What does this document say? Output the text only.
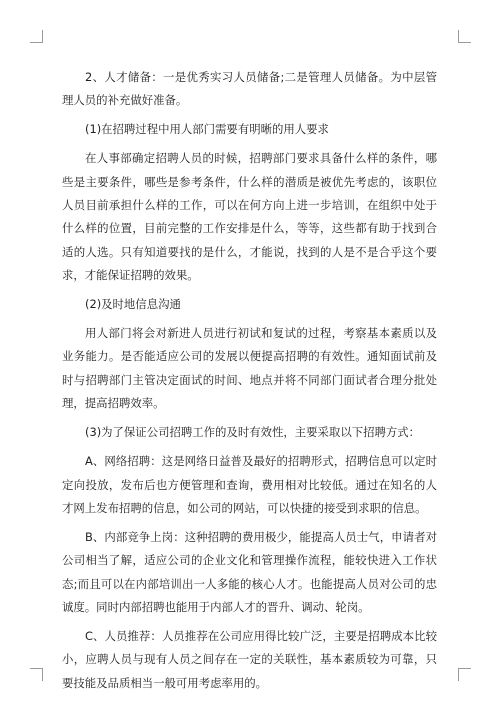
2、人才储备：一是优秀实习人员储备;二是管理人员储备。为中层管理人员的补充做好准备。

(1)在招聘过程中用人部门需要有明晰的用人要求

在人事部确定招聘人员的时候，招聘部门要求具备什么样的条件，哪些是主要条件，哪些是参考条件，什么样的潜质是被优先考虑的，该职位人员目前承担什么样的工作，可以在何方向上进一步培训，在组织中处于什么样的位置，目前完整的工作安排是什么，等等，这些都有助于找到合适的人选。只有知道要找的是什么，才能说，找到的人是不是合乎这个要求，才能保证招聘的效果。

(2)及时地信息沟通

用人部门将会对新进人员进行初试和复试的过程，考察基本素质以及业务能力。是否能适应公司的发展以便提高招聘的有效性。通知面试前及时与招聘部门主管决定面试的时间、地点并将不同部门面试者合理分批处理，提高招聘效率。

(3)为了保证公司招聘工作的及时有效性，主要采取以下招聘方式：

A、网络招聘：这是网络日益普及最好的招聘形式，招聘信息可以定时定向投放，发布后也方便管理和查询，费用相对比较低。通过在知名的人才网上发布招聘的信息，如公司的网站，可以快捷的接受到求职的信息。

B、内部竞争上岗：这种招聘的费用极少，能提高人员士气，申请者对公司相当了解，适应公司的企业文化和管理操作流程，能较快进入工作状态;而且可以在内部培训出一人多能的核心人才。也能提高人员对公司的忠诚度。同时内部招聘也能用于内部人才的晋升、调动、轮岗。

C、人员推荐：人员推荐在公司应用得比较广泛，主要是招聘成本比较小，应聘人员与现有人员之间存在一定的关联性，基本素质较为可靠，只要技能及品质相当一般可用考虑率用的。
